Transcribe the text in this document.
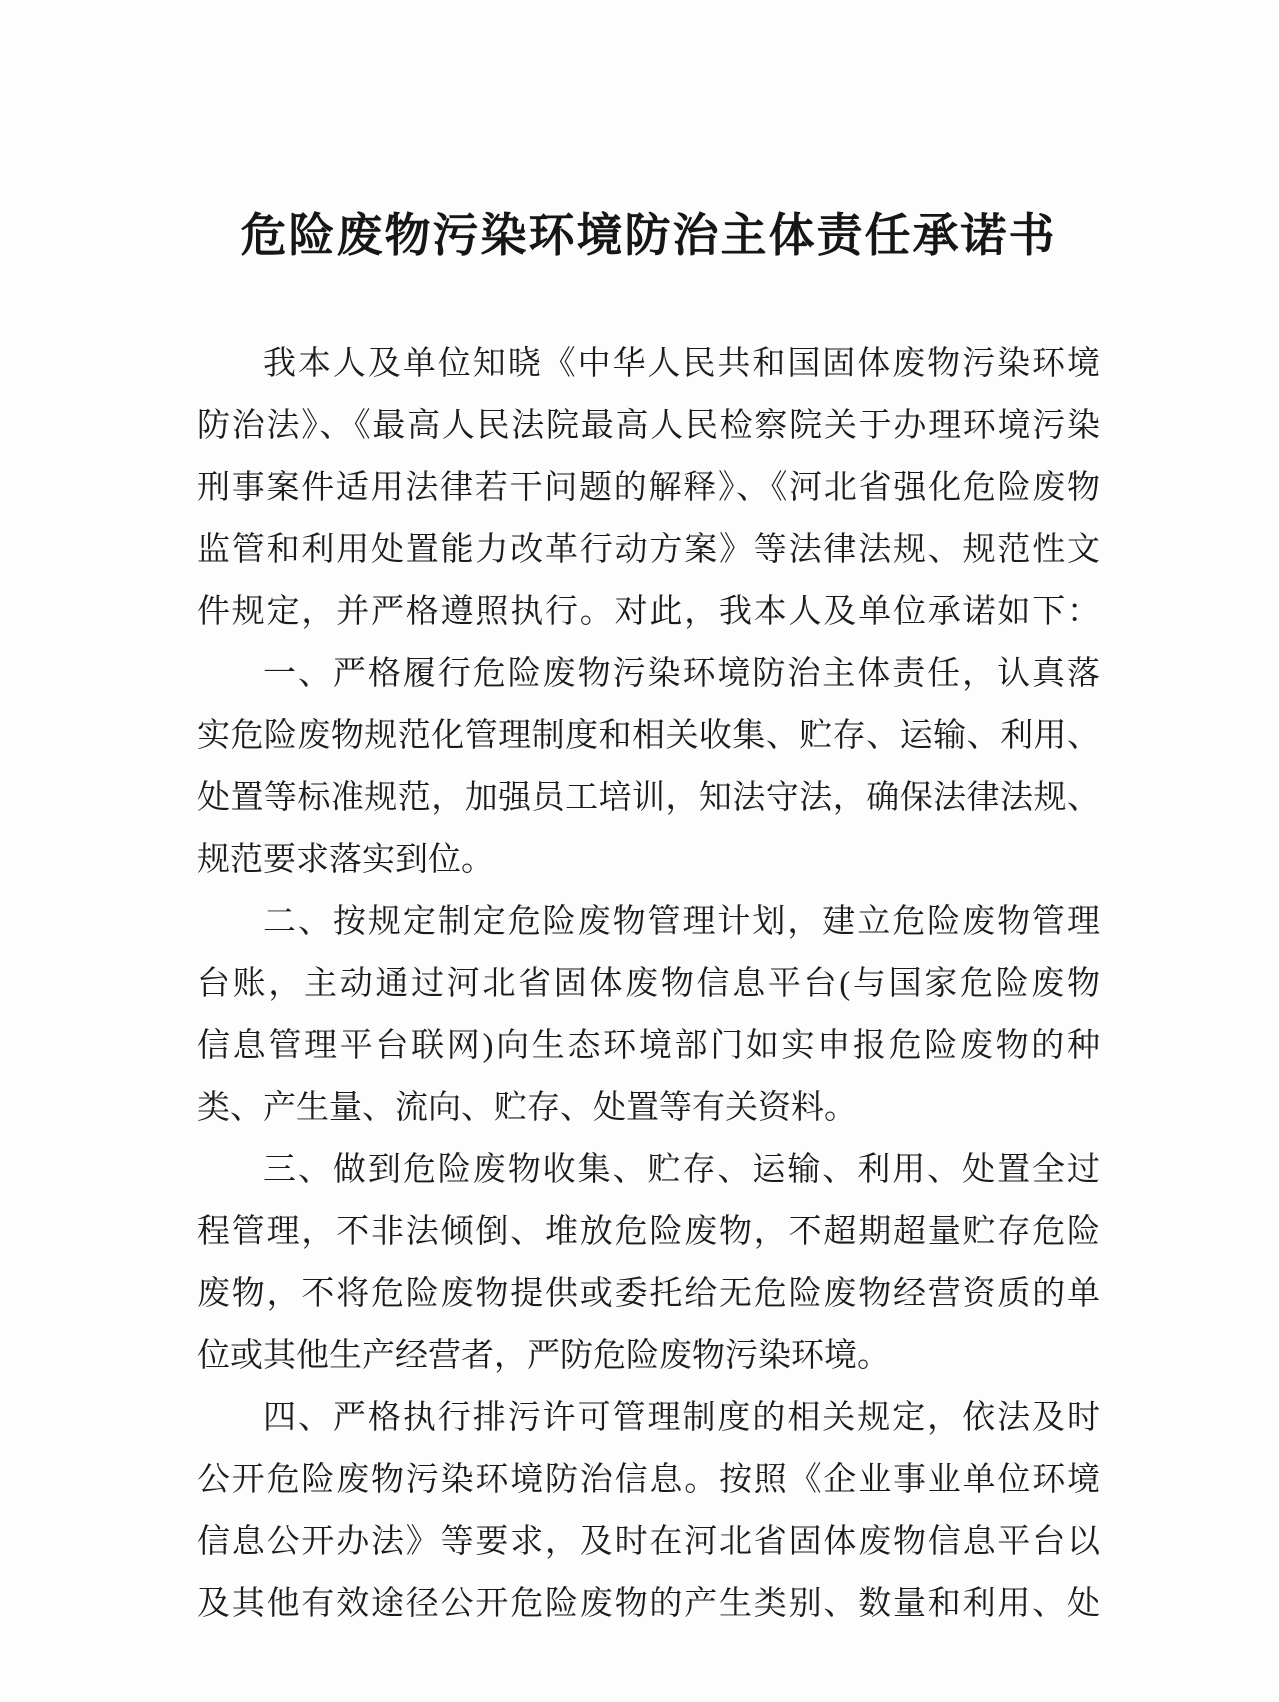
危险废物污染环境防治主体责任承诺书
我本人及单位知晓《中华人民共和国固体废物污染环境
防治法》、《最高人民法院最高人民检察院关于办理环境污染
刑事案件适用法律若干问题的解释》、《河北省强化危险废物
监管和利用处置能力改革行动方案》等法律法规、规范性文
件规定，并严格遵照执行。对此，我本人及单位承诺如下：
一、严格履行危险废物污染环境防治主体责任，认真落
实危险废物规范化管理制度和相关收集、贮存、运输、利用、
处置等标准规范，加强员工培训，知法守法，确保法律法规、
规范要求落实到位。
二、按规定制定危险废物管理计划，建立危险废物管理
台账，主动通过河北省固体废物信息平台(与国家危险废物
信息管理平台联网)向生态环境部门如实申报危险废物的种
类、产生量、流向、贮存、处置等有关资料。
三、做到危险废物收集、贮存、运输、利用、处置全过
程管理，不非法倾倒、堆放危险废物，不超期超量贮存危险
废物，不将危险废物提供或委托给无危险废物经营资质的单
位或其他生产经营者，严防危险废物污染环境。
四、严格执行排污许可管理制度的相关规定，依法及时
公开危险废物污染环境防治信息。按照《企业事业单位环境
信息公开办法》等要求，及时在河北省固体废物信息平台以
及其他有效途径公开危险废物的产生类别、数量和利用、处
